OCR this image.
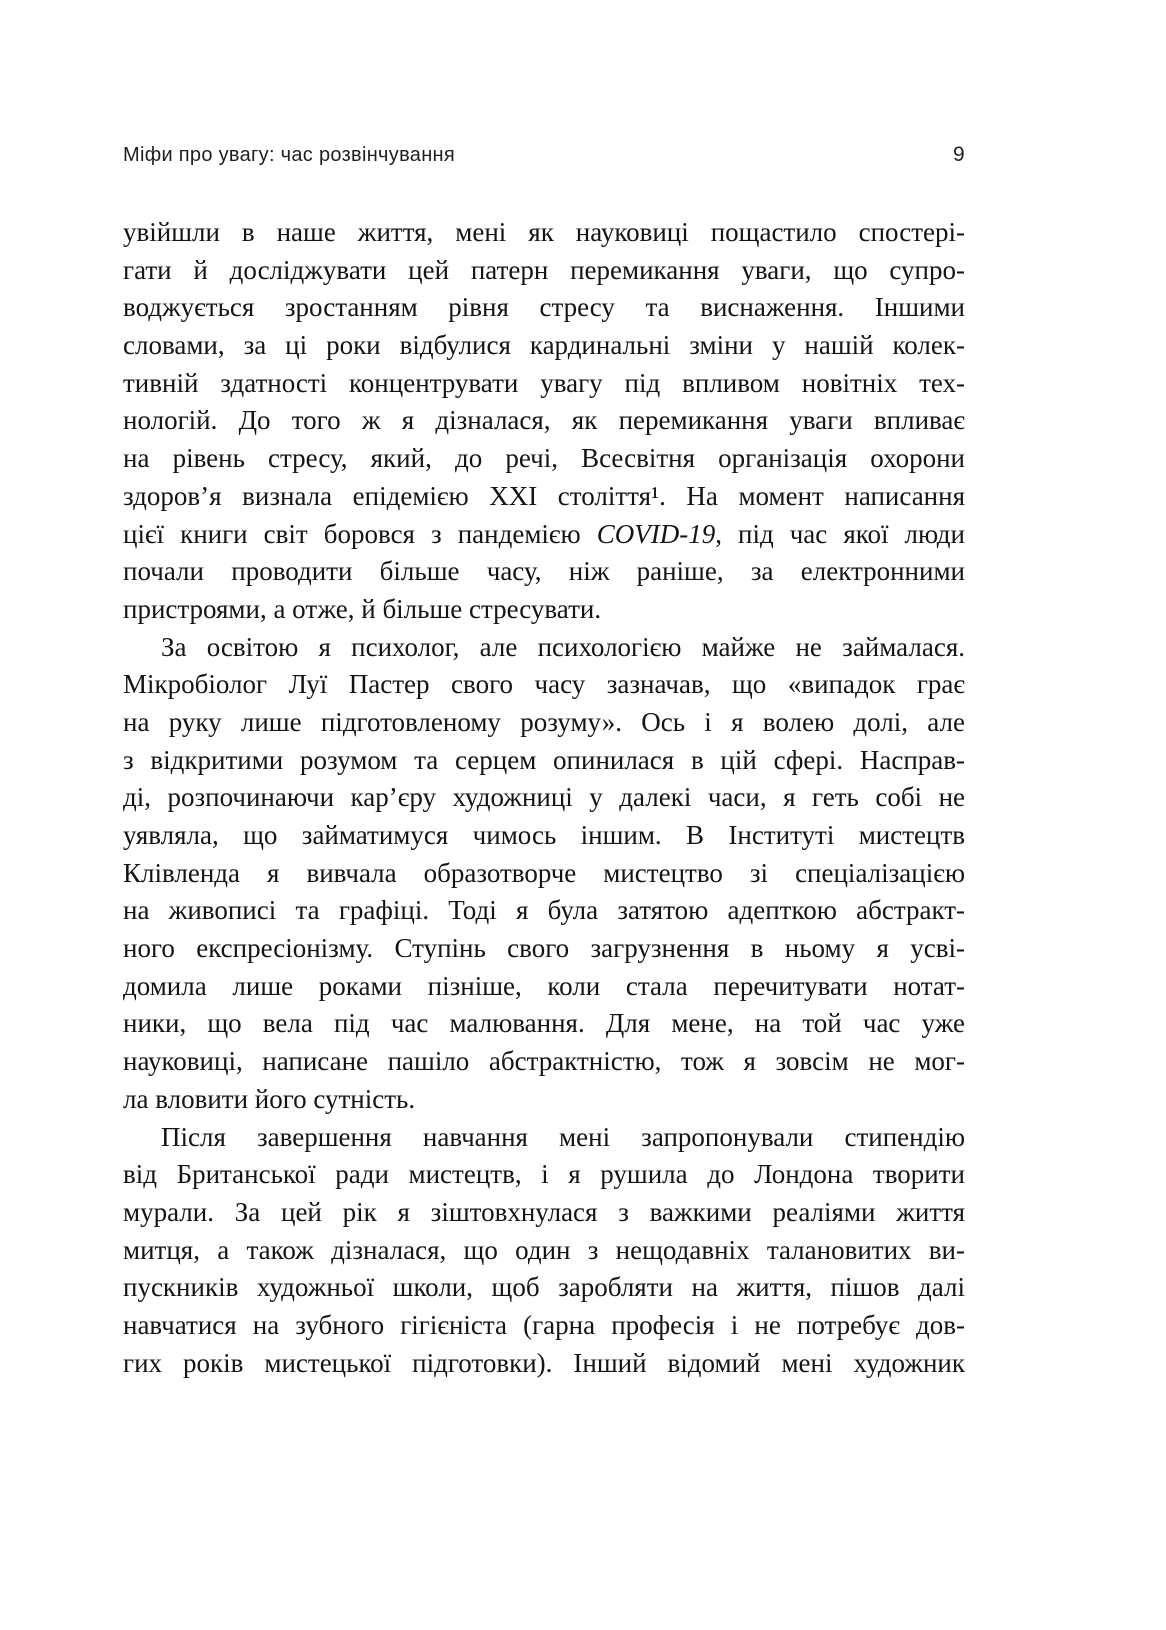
Міфи про увагу: час розвінчування	9
увійшли в наше життя, мені як науковиці пощастило спостері-
гати й досліджувати цей патерн перемикання уваги, що супро-
воджується зростанням рівня стресу та виснаження. Іншими
словами, за ці роки відбулися кардинальні зміни у нашій колек-
тивній здатності концентрувати увагу під впливом новітніх тех-
нологій. До того ж я дізналася, як перемикання уваги впливає
на рівень стресу, який, до речі, Всесвітня організація охорони
здоров’я визнала епідемією XXI століття¹. На момент написання
цієї книги світ боровся з пандемією COVID-19, під час якої люди
почали проводити більше часу, ніж раніше, за електронними
пристроями, а отже, й більше стресувати.
За освітою я психолог, але психологією майже не займалася.
Мікробіолог Луї Пастер свого часу зазначав, що «випадок грає
на руку лише підготовленому розуму». Ось і я волею долі, але
з відкритими розумом та серцем опинилася в цій сфері. Насправ-
ді, розпочинаючи кар’єру художниці у далекі часи, я геть собі не
уявляла, що займатимуся чимось іншим. В Інституті мистецтв
Клівленда я вивчала образотворче мистецтво зі спеціалізацією
на живописі та графіці. Тоді я була затятою адепткою абстракт-
ного експресіонізму. Ступінь свого загрузнення в ньому я усві-
домила лише роками пізніше, коли стала перечитувати нотат-
ники, що вела під час малювання. Для мене, на той час уже
науковиці, написане пашіло абстрактністю, тож я зовсім не мог-
ла вловити його сутність.
Після завершення навчання мені запропонували стипендію
від Британської ради мистецтв, і я рушила до Лондона творити
мурали. За цей рік я зіштовхнулася з важкими реаліями життя
митця, а також дізналася, що один з нещодавніх талановитих ви-
пускників художньої школи, щоб заробляти на життя, пішов далі
навчатися на зубного гігієніста (гарна професія і не потребує дов-
гих років мистецької підготовки). Інший відомий мені художник
